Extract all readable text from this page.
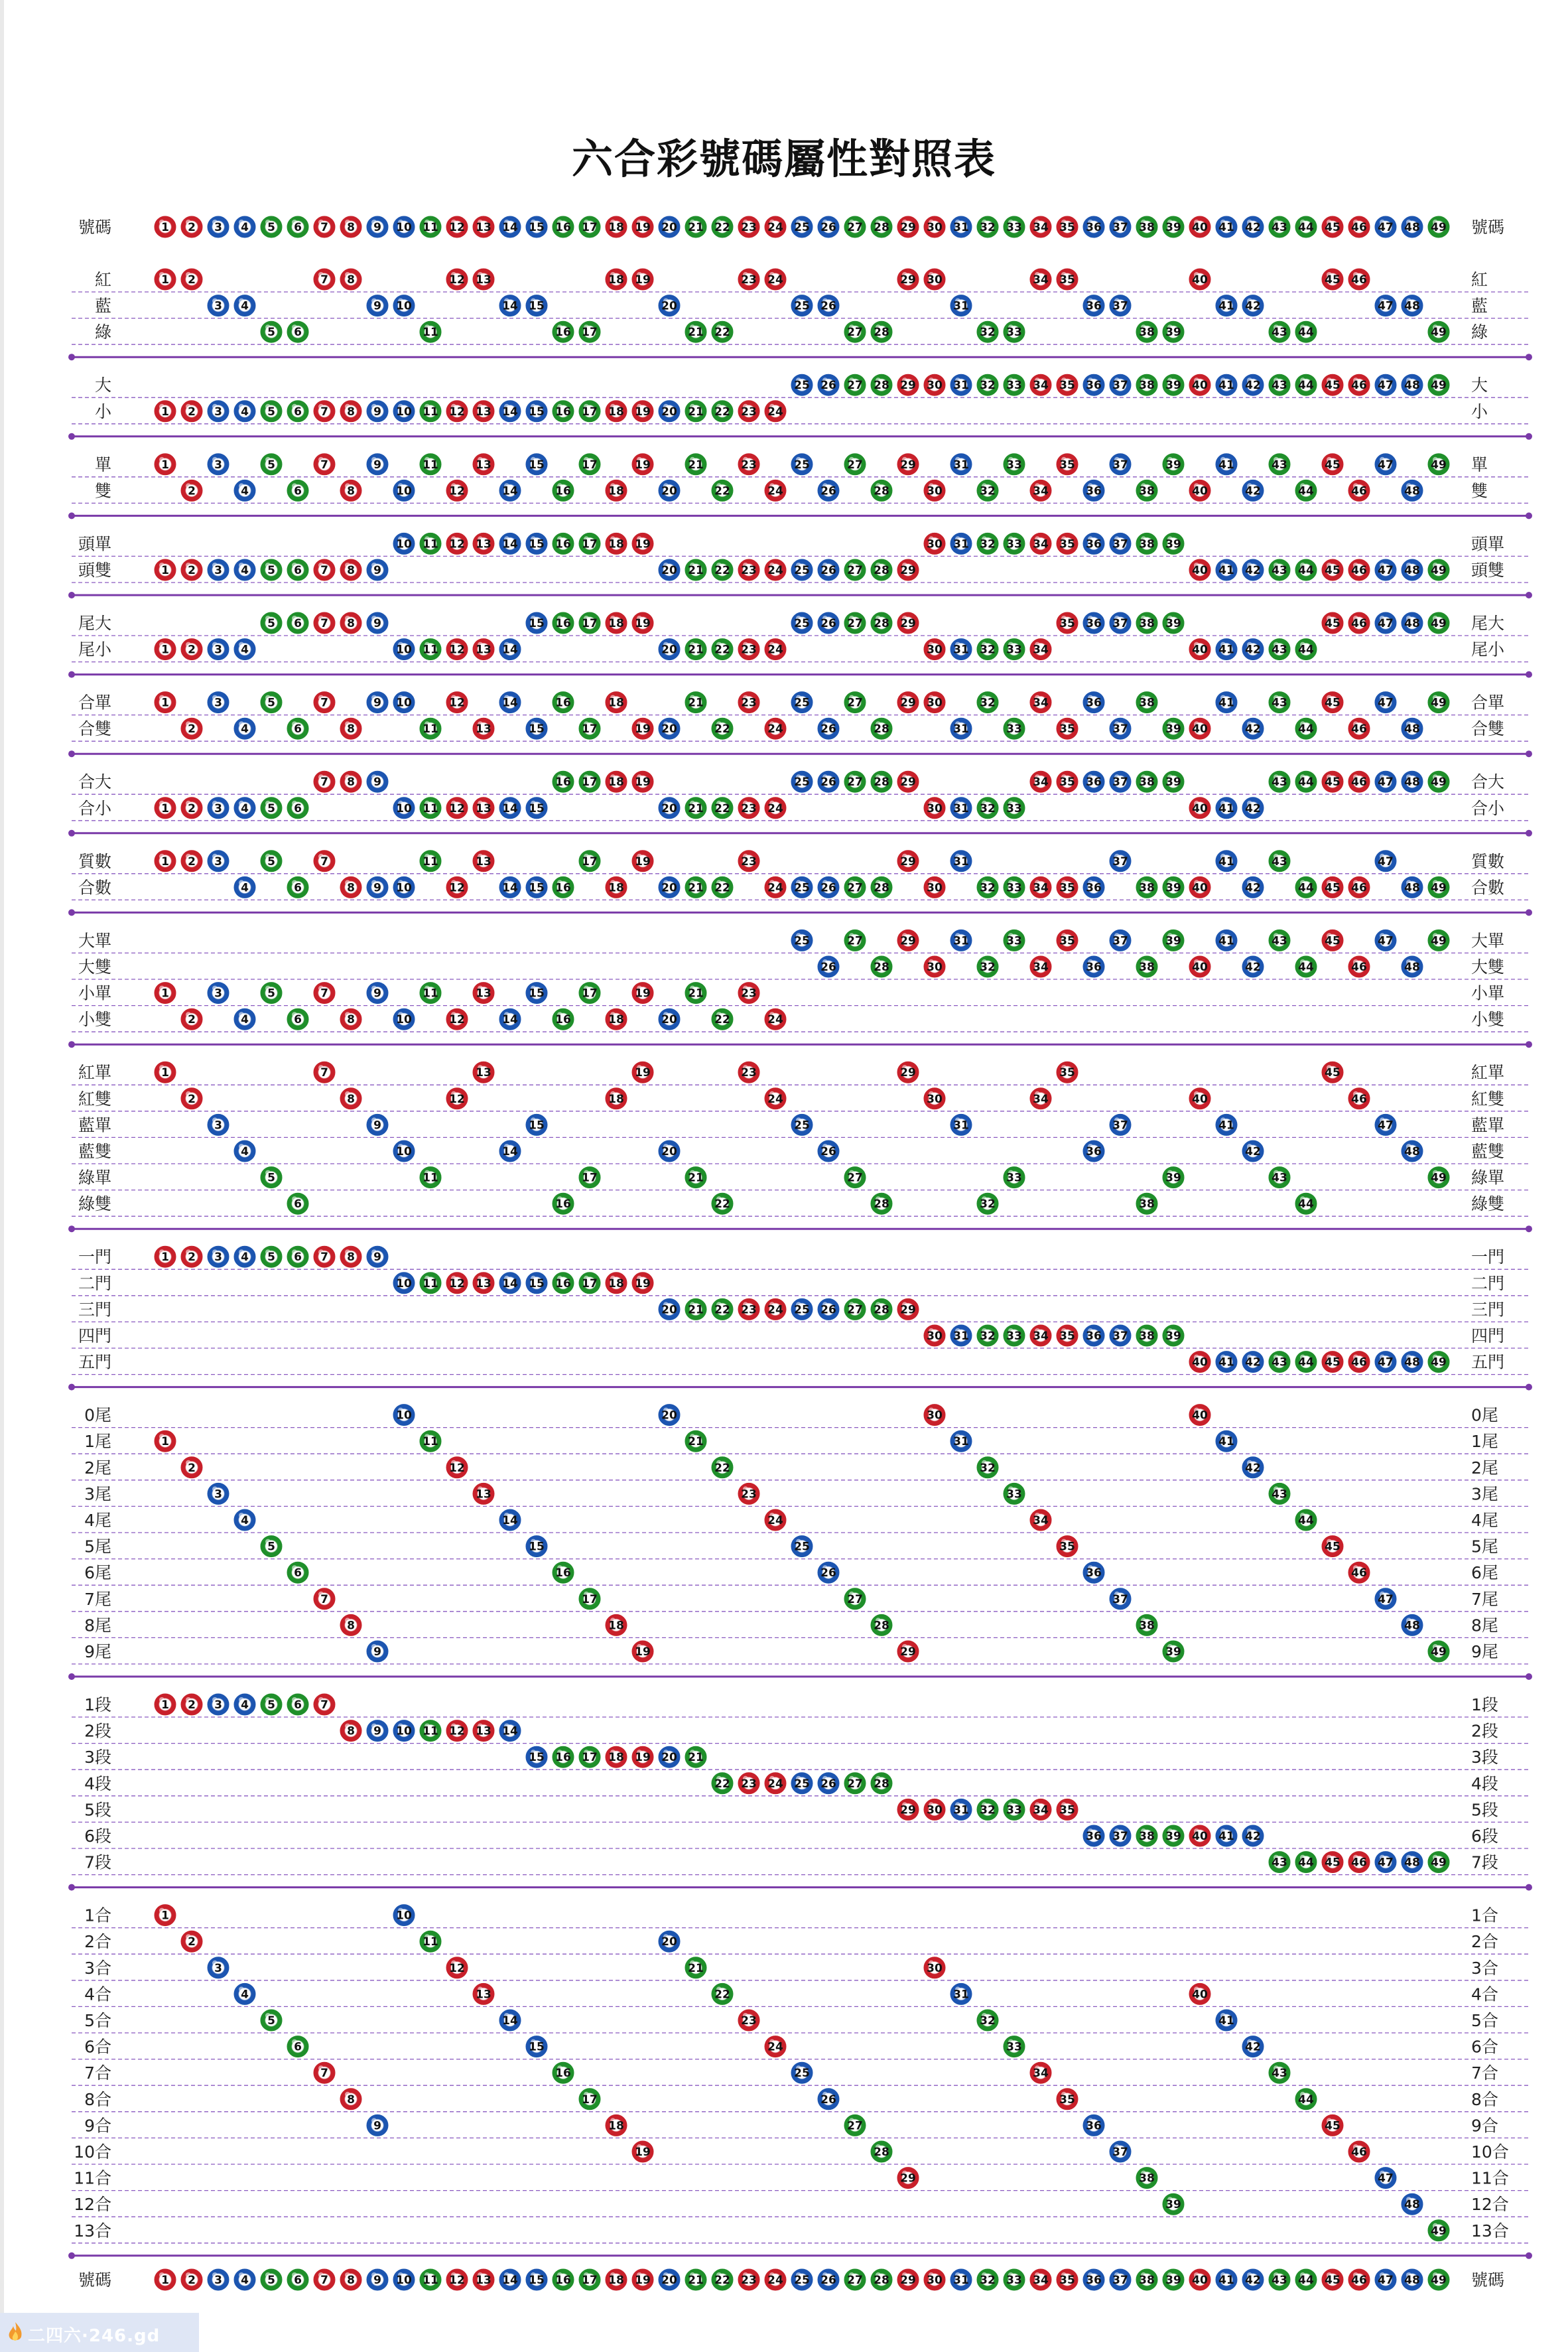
六合彩號碼屬性對照表
1 2 3 4 5 6 7 8 9 10 11 12 13 14 15 16 17 18 19 20 21 22 23 24 25 26 27 28 29 30 31 32 33 34 35 36 37 38 39 40 41 42 43 44 45 46 47 48 49
號碼	號碼
1 2	7 8	12 13	18 19	23 24	29 30	34 35	40	45 46
紅	紅
3 4	9 10	14 15	20	25 26	31	36 37	41 42	47 48
藍	藍
5 6	11	16 17	21 22	27 28	32 33	38 39	43 44	49
綠	綠
25 26 27 28 29 30 31 32 33 34 35 36 37 38 39 40 41 42 43 44 45 46 47 48 49
大	大
1 2 3 4 5 6 7 8 9 10 11 12 13 14 15 16 17 18 19 20 21 22 23 24
小	小
1	3	5	7	9	11	13	15	17	19	21	23	25	27	29	31	33	35	37	39	41	43	45	47	49
單	單
2	4	6	8	10	12	14	16	18	20	22	24	26	28	30	32	34	36	38	40	42	44	46	48
雙	雙
10 11 12 13 14 15 16 17 18 19	30 31 32 33 34 35 36 37 38 39
頭單	頭單
1 2 3 4 5 6 7 8 9	20 21 22 23 24 25 26 27 28 29	40 41 42 43 44 45 46 47 48 49
頭雙	頭雙
5 6 7 8 9	15 16 17 18 19	25 26 27 28 29	35 36 37 38 39	45 46 47 48 49
尾大	尾大
1 2 3 4	10 11 12 13 14	20 21 22 23 24	30 31 32 33 34	40 41 42 43 44
尾小	尾小
1	3	5	7	9 10	12	14	16	18	21	23	25	27	29 30	32	34	36	38	41	43	45	47	49
合單	合單
2	4	6	8	11	13	15	17	19 20	22	24	26	28	31	33	35	37	39 40	42	44	46	48
合雙	合雙
7 8 9	16 17 18 19	25 26 27 28 29	34 35 36 37 38 39	43 44 45 46 47 48 49
合大	合大
1 2 3 4 5 6	10 11 12 13 14 15	20 21 22 23 24	30 31 32 33	40 41 42
合小	合小
1 2 3	5	7	11	13	17	19	23	29	31	37	41	43	47
質數	質數
4	6	8 9 10	12	14 15 16	18	20 21 22	24 25 26 27 28	30	32 33 34 35 36	38 39 40	42	44 45 46	48 49
合數	合數
25	27	29	31	33	35	37	39	41	43	45	47	49
大單	大單
26	28	30	32	34	36	38	40	42	44	46	48
大雙	大雙
1	3	5	7	9	11	13	15	17	19	21	23
小單	小單
2	4	6	8	10	12	14	16	18	20	22	24
小雙	小雙
1	7	13	19	23	29	35	45
紅單	紅單
2	8	12	18	24	30	34	40	46
紅雙	紅雙
3	9	15	25	31	37	41	47
藍單	藍單
4	10	14	20	26	36	42	48
藍雙	藍雙
5	11	17	21	27	33	39	43	49
綠單	綠單
6	16	22	28	32	38	44
綠雙	綠雙
1 2 3 4 5 6 7 8 9
一門	一門
10 11 12 13 14 15 16 17 18 19
二門	二門
20 21 22 23 24 25 26 27 28 29
三門	三門
30 31 32 33 34 35 36 37 38 39
四門	四門
40 41 42 43 44 45 46 47 48 49
五門	五門
10	20	30	40
0尾	0尾
1	11	21	31	41
1尾	1尾
2	12	22	32	42
2尾	2尾
3	13	23	33	43
3尾	3尾
4	14	24	34	44
4尾	4尾
5	15	25	35	45
5尾	5尾
6	16	26	36	46
6尾	6尾
7	17	27	37	47
7尾	7尾
8	18	28	38	48
8尾	8尾
9	19	29	39	49
9尾	9尾
1 2 3 4 5 6 7
1段	1段
8 9 10 11 12 13 14
2段	2段
15 16 17 18 19 20 21
3段	3段
22 23 24 25 26 27 28
4段	4段
29 30 31 32 33 34 35
5段	5段
36 37 38 39 40 41 42
6段	6段
43 44 45 46 47 48 49
7段	7段
1	10
1合	1合
2	11	20
2合	2合
3	12	21	30
3合	3合
4	13	22	31	40
4合	4合
5	14	23	32	41
5合	5合
6	15	24	33	42
6合	6合
7	16	25	34	43
7合	7合
8	17	26	35	44
8合	8合
9	18	27	36	45
9合	9合
19	28	37	46
10合	10合
29	38	47
11合	11合
39	48
12合	12合
49
13合	13合
1 2 3 4 5 6 7 8 9 10 11 12 13 14 15 16 17 18 19 20 21 22 23 24 25 26 27 28 29 30 31 32 33 34 35 36 37 38 39 40 41 42 43 44 45 46 47 48 49
號碼	號碼
二四六·246.gd
